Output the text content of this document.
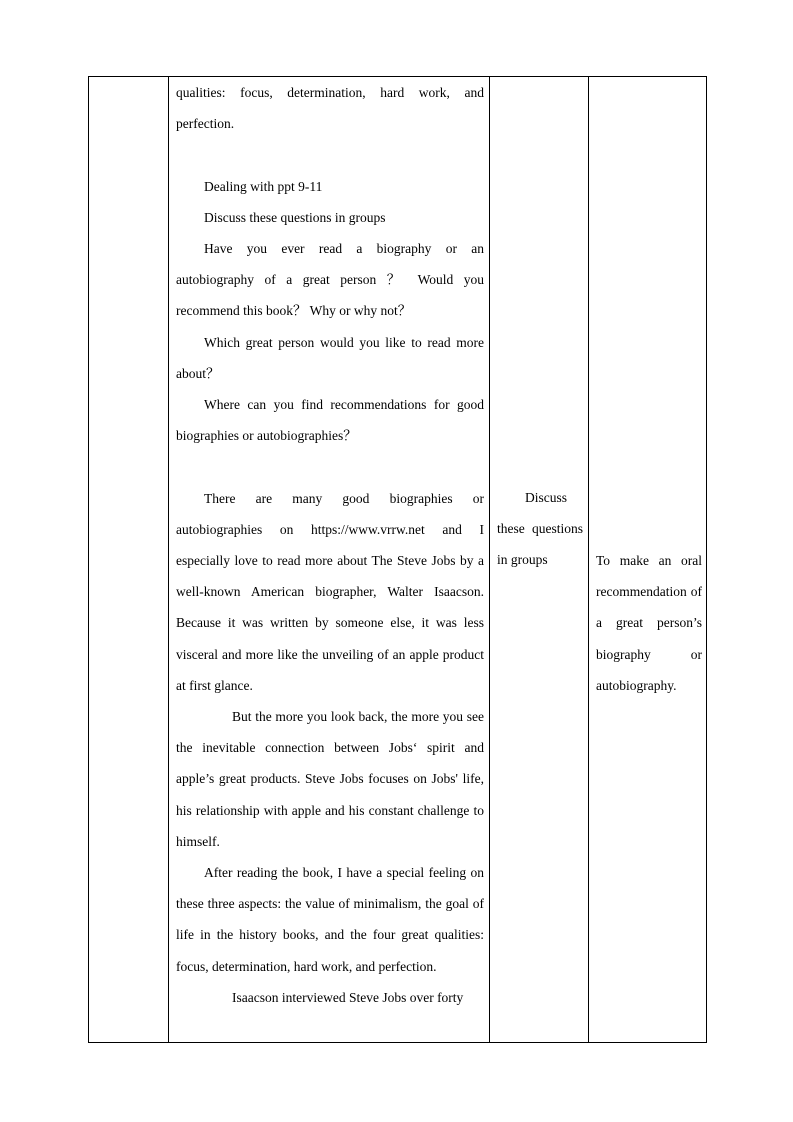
qualities: focus, determination, hard work, and perfection.

Dealing with ppt 9-11

Discuss these questions in groups

Have you ever read a biography or an autobiography of a great person ？ Would you recommend this book？ Why or why not？

Which great person would you like to read more about？

Where can you find recommendations for good biographies or autobiographies？

There are many good biographies or autobiographies on https://www.vrrw.net and I especially love to read more about The Steve Jobs by a well-known American biographer, Walter Isaacson. Because it was written by someone else, it was less visceral and more like the unveiling of an apple product at first glance.

But the more you look back, the more you see the inevitable connection between Jobs‘ spirit and apple’s great products. Steve Jobs focuses on Jobs' life, his relationship with apple and his constant challenge to himself.

After reading the book, I have a special feeling on these three aspects: the value of minimalism, the goal of life in the history books, and the four great qualities: focus, determination, hard work, and perfection.

Isaacson interviewed Steve Jobs over forty

Discuss these questions in groups	To make an oral recommendation of a great person’s biography or autobiography.
